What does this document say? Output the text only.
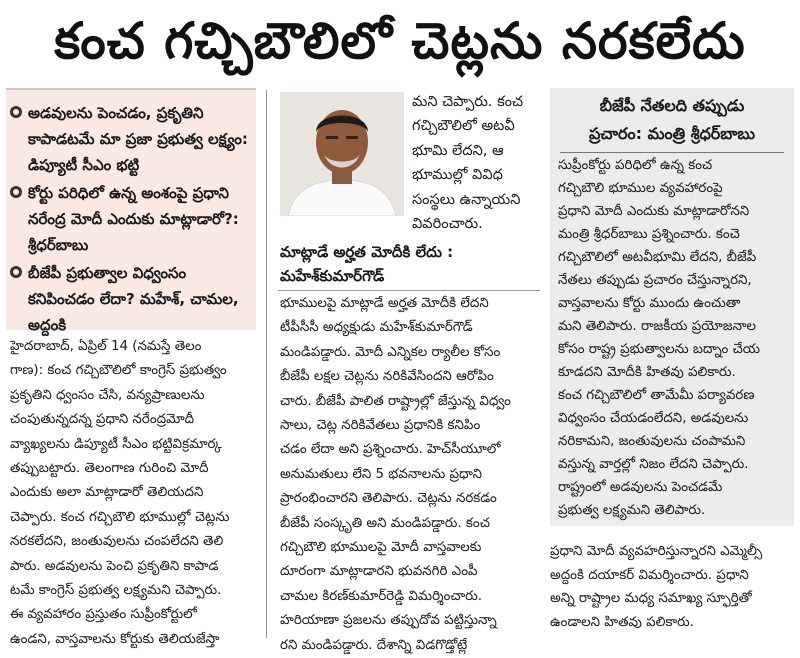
కంచ గచ్చిబౌలిలో చెట్లను నరకలేదు
అడవులను పెంచడం, ప్రకృతిని కాపాడటమే మా ప్రజా ప్రభుత్వ లక్ష్యం: డిప్యూటీ సీఎం భట్టి
కోర్టు పరిధిలో ఉన్న అంశంపై ప్రధాని నరేంద్ర మోదీ ఎందుకు మాట్లాడారో?: శ్రీధర్‌బాబు
బీజేపీ ప్రభుత్వాల విధ్వంసం కనిపించడం లేదా? మహేశ్, చామల, అద్దంకి

హైదరాబాద్, ఏప్రిల్ 14 (నమస్తే తెలం

గాణ): కంచ గచ్చిబౌలిలో కాంగ్రెస్ ప్రభుత్వం

ప్రకృతిని ధ్వంసం చేసి, వన్యప్రాణులను

చంపుతున్నదన్న ప్రధాని నరేంద్రమోదీ

వ్యాఖ్యలను డిప్యూటీ సీఎం భట్టివిక్రమార్క

తప్పుబట్టారు. తెలంగాణ గురించి మోదీ

ఎందుకు అలా మాట్లాడారో తెలియదని

చెప్పారు. కంచ గచ్చిబౌలి భూముల్లో చెట్లను

నరకలేదని, జంతువులను చంపలేదని తెలి

పారు. అడవులను పెంచి ప్రకృతిని కాపాడ

టమే కాంగ్రెస్ ప్రభుత్వ లక్ష్యమని చెప్పారు.

ఈ వ్యవహారం ప్రస్తుతం సుప్రీంకోర్టులో

ఉండని, వాస్తవాలను కోర్టుకు తెలియజేస్తా

మని చెప్పారు. కంచ

గచ్చిబౌలిలో అటవీ

భూమి లేదని, ఆ

భూముల్లో వివిధ

సంస్థలు ఉన్నాయని

వివరించారు.

మాట్లాడే అర్హత మోదీకి లేదు :
మహేశ్‌కుమార్‌గౌడ్

భూములపై మాట్లాడే అర్హత మోదీకి లేదని

టీపీసీసీ అధ్యక్షుడు మహేశ్‌కుమార్‌గౌడ్

మండిపడ్డారు. మోదీ ఎన్నికల ర్యాలీల కోసం

బీజేపీ లక్షల చెట్లను నరికివేసిందని ఆరోపిం

చారు. బీజేపీ పాలిత రాష్ట్రాల్లో జేస్తున్న విధ్వం

సాలు, చెట్ల నరికివేతలు ప్రధానికి కనిపిం

చడం లేదా అని ప్రశ్నించారు. హెచ్‌సీయూలో

అనుమతులు లేని 5 భవనాలను ప్రధాని

ప్రారంభించారని తెలిపారు. చెట్లను నరకడం

బీజేపీ సంస్కృతి అని మండిపడ్డారు. కంచ

గచ్చిబౌలి భూములపై మోదీ వాస్తవాలకు

దూరంగా మాట్లాడారని భువనగిరి ఎంపీ

చామల కిరణ్‌కుమార్‌రెడ్డి విమర్శించారు.

హరియాణా ప్రజలను తప్పుదోవ పట్టిస్తున్నా

రని మండిపడ్డారు. దేశాన్ని విడగొడ్తోట్లే

బీజేపీ నేతలది తప్పుడు
ప్రచారం: మంత్రి శ్రీధర్‌బాబు

సుప్రీంకోర్టు పరిధిలో ఉన్న కంచ

గచ్చిబౌలి భూముల వ్యవహారంపై

ప్రధాని మోదీ ఎందుకు మాట్లాడారోనని

మంత్రి శ్రీధర్‌బాబు ప్రశ్నించారు. కంచె

గచ్చిబౌలిలో అటవీభూమి లేదని, బీజేపీ

నేతలు తప్పుడు ప్రచారం చేస్తున్నారని,

వాస్తవాలను కోర్టు ముందు ఉంచుతా

మని తెలిపారు. రాజకీయ ప్రయోజనాల

కోసం రాష్ట్ర ప్రభుత్వాలను బద్నాం చేయ

కూడదని మోదీకి హితవు పలికారు.

కంచ గచ్చిబౌలిలో తామేమీ పర్యావరణ

విధ్వంసం చేయడంలేదని, అడవులను

నరికామని, జంతువులను చంపామని

వస్తున్న వార్తల్లో నిజం లేదని చెప్పారు.

రాష్ట్రంలో అడవులను పెంచడమే

ప్రభుత్వ లక్ష్యమని తెలిపారు.

ప్రధాని మోదీ వ్యవహరిస్తున్నారని ఎమ్మెల్సీ

అద్దంకి దయాకర్ విమర్శించారు. ప్రధాని

అన్ని రాష్ట్రాల మధ్య సమాఖ్య స్ఫూర్తితో

ఉండాలని హితవు పలికారు.
